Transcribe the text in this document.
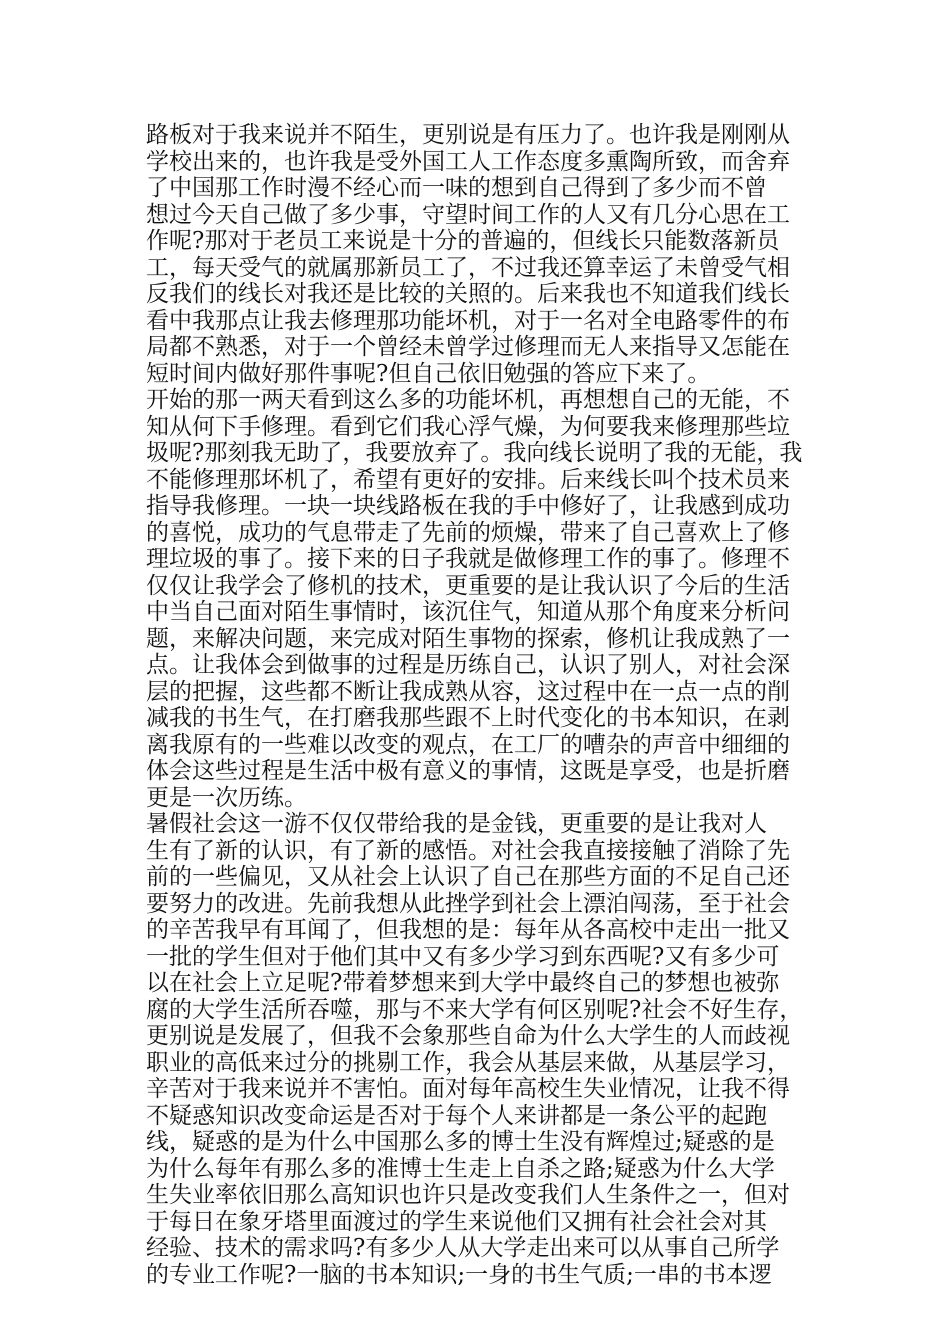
路板对于我来说并不陌生，更别说是有压力了。也许我是刚刚从
学校出来的，也许我是受外国工人工作态度多熏陶所致，而舍弃
了中国那工作时漫不经心而一味的想到自己得到了多少而不曾
想过今天自己做了多少事，守望时间工作的人又有几分心思在工
作呢?那对于老员工来说是十分的普遍的，但线长只能数落新员
工，每天受气的就属那新员工了，不过我还算幸运了未曾受气相
反我们的线长对我还是比较的关照的。后来我也不知道我们线长
看中我那点让我去修理那功能坏机，对于一名对全电路零件的布
局都不熟悉，对于一个曾经未曾学过修理而无人来指导又怎能在
短时间内做好那件事呢?但自己依旧勉强的答应下来了。
开始的那一两天看到这么多的功能坏机，再想想自己的无能，不
知从何下手修理。看到它们我心浮气燥，为何要我来修理那些垃
圾呢?那刻我无助了，我要放弃了。我向线长说明了我的无能，我
不能修理那坏机了，希望有更好的安排。后来线长叫个技术员来
指导我修理。一块一块线路板在我的手中修好了，让我感到成功
的喜悦，成功的气息带走了先前的烦燥，带来了自己喜欢上了修
理垃圾的事了。接下来的日子我就是做修理工作的事了。修理不
仅仅让我学会了修机的技术，更重要的是让我认识了今后的生活
中当自己面对陌生事情时，该沉住气，知道从那个角度来分析问
题，来解决问题，来完成对陌生事物的探索，修机让我成熟了一
点。让我体会到做事的过程是历练自己，认识了别人，对社会深
层的把握，这些都不断让我成熟从容，这过程中在一点一点的削
减我的书生气，在打磨我那些跟不上时代变化的书本知识，在剥
离我原有的一些难以改变的观点，在工厂的嘈杂的声音中细细的
体会这些过程是生活中极有意义的事情，这既是享受，也是折磨
更是一次历练。
暑假社会这一游不仅仅带给我的是金钱，更重要的是让我对人
生有了新的认识，有了新的感悟。对社会我直接接触了消除了先
前的一些偏见，又从社会上认识了自己在那些方面的不足自己还
要努力的改进。先前我想从此挫学到社会上漂泊闯荡，至于社会
的辛苦我早有耳闻了，但我想的是：每年从各高校中走出一批又
一批的学生但对于他们其中又有多少学习到东西呢?又有多少可
以在社会上立足呢?带着梦想来到大学中最终自己的梦想也被弥
腐的大学生活所吞噬，那与不来大学有何区别呢?社会不好生存，
更别说是发展了，但我不会象那些自命为什么大学生的人而歧视
职业的高低来过分的挑剔工作，我会从基层来做，从基层学习，
辛苦对于我来说并不害怕。面对每年高校生失业情况，让我不得
不疑惑知识改变命运是否对于每个人来讲都是一条公平的起跑
线，疑惑的是为什么中国那么多的博士生没有辉煌过;疑惑的是
为什么每年有那么多的准博士生走上自杀之路;疑惑为什么大学
生失业率依旧那么高知识也许只是改变我们人生条件之一，但对
于每日在象牙塔里面渡过的学生来说他们又拥有社会社会对其
经验、技术的需求吗?有多少人从大学走出来可以从事自己所学
的专业工作呢?一脑的书本知识;一身的书生气质;一串的书本逻
